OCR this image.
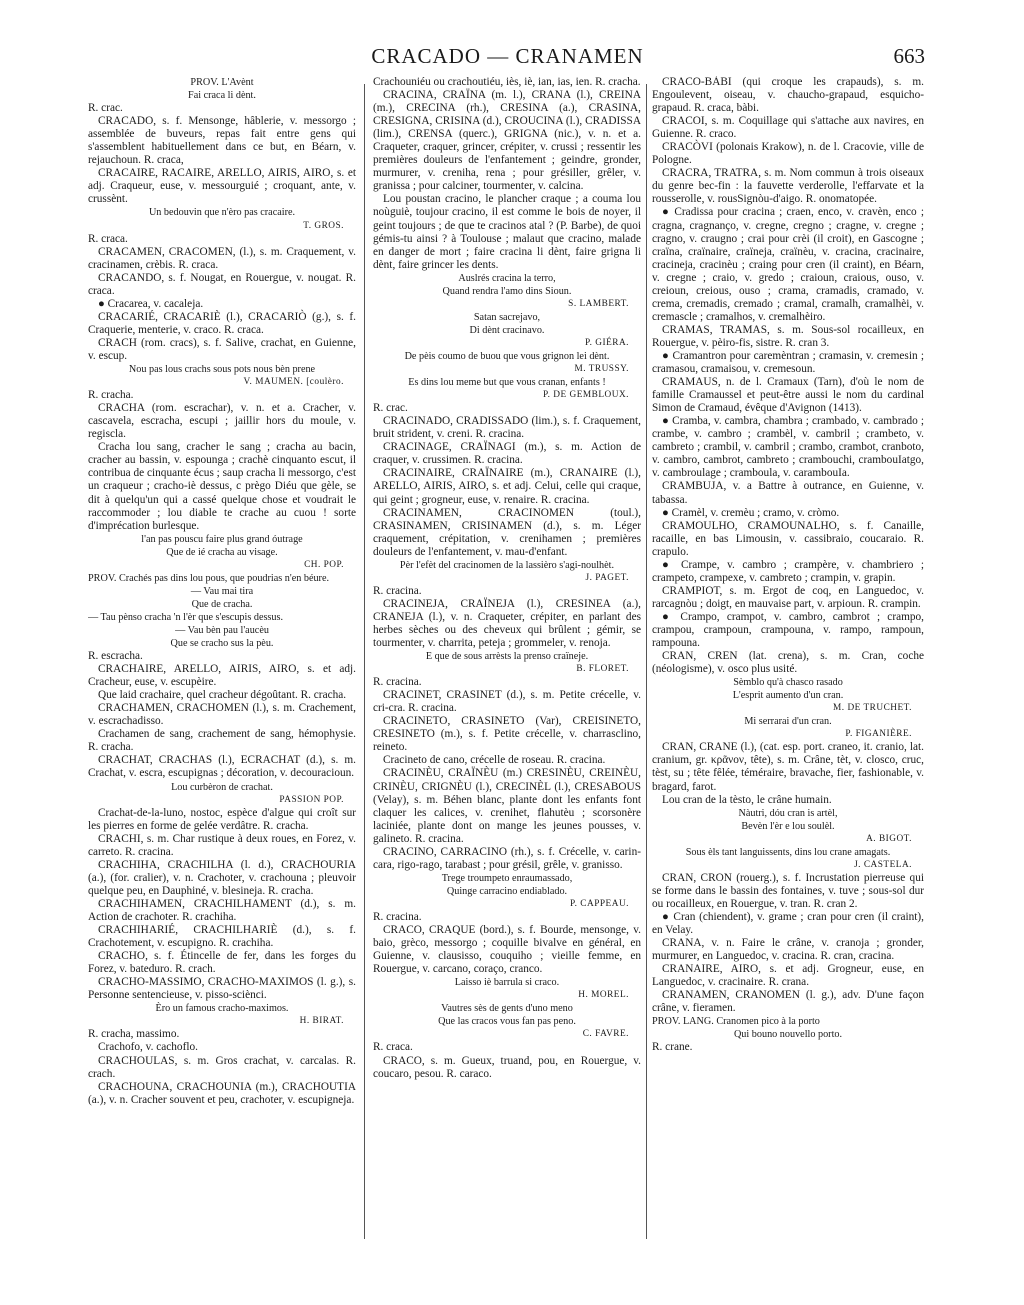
CRACADO — CRANAMEN	663

PROV. L'Avènt

Fai craca li dènt.

R. crac.

CRACADO, s. f. Mensonge, hâblerie, v. messorgo ; assemblée de buveurs, repas fait entre gens qui s'assemblent habituellement dans ce but, en Béarn, v. rejauchoun. R. craca,

CRACAIRE, RACAIRE, ARELLO, AIRIS, AIRO, s. et adj. Craqueur, euse, v. messourguié ; croquant, ante, v. crussènt.

Un bedouvin que n'èro pas cracaire.

T. GROS.

R. craca.

CRACAMEN, CRACOMEN, (l.), s. m. Craquement, v. cracinamen, crèbis. R. craca.

CRACANDO, s. f. Nougat, en Rouergue, v. nougat. R. craca.

● Cracarea, v. cacaleja.

CRACARIÉ, CRACARIÈ (l.), CRACARIÒ (g.), s. f. Craquerie, menterie, v. craco. R. craca.

CRACH (rom. cracs), s. f. Salive, crachat, en Guienne, v. escup.

Nou pas lous crachs sous pots nous bèn prene

V. MAUMEN. [coulèro.

R. cracha.

CRACHA (rom. escrachar), v. n. et a. Cracher, v. cascavela, escracha, escupi ; jaillir hors du moule, v. regiscla.

Cracha lou sang, cracher le sang ; cracha au bacin, cracher au bassin, v. espounga ; crachè cinquanto escut, il contribua de cinquante écus ; saup cracha li messorgo, c'est un craqueur ; cracho-iè dessus, c prègo Diéu que gèle, se dit à quelqu'un qui a cassé quelque chose et voudrait le raccommoder ; lou diable te crache au cuou ! sorte d'imprécation burlesque.

l'an pas pouscu faire plus grand óutrage

Que de ié cracha au visage.

CH. POP.

PROV. Crachés pas dins lou pous, que poudrias n'en béure.

— Vau mai tira

Que de cracha.

— Tau pènso cracha 'n l'èr que s'escupis dessus.

— Vau bèn pau l'aucèu

Que se cracho sus la pèu.

R. escracha.

CRACHAIRE, ARELLO, AIRIS, AIRO, s. et adj. Cracheur, euse, v. escupèire.

Que laid crachaire, quel cracheur dégoûtant. R. cracha.

CRACHAMEN, CRACHOMEN (l.), s. m. Crachement, v. escrachadisso.

Crachamen de sang, crachement de sang, hémophysie. R. cracha.

CRACHAT, CRACHAS (l.), ECRACHAT (d.), s. m. Crachat, v. escra, escupignas ; décoration, v. decouracioun.

Lou curbèron de crachat.

PASSION POP.

Crachat-de-la-luno, nostoc, espèce d'algue qui croît sur les pierres en forme de gelée verdâtre. R. cracha.

CRACHI, s. m. Char rustique à deux roues, en Forez, v. carreto. R. cracina.

CRACHIHA, CRACHILHA (l. d.), CRACHOURIA (a.), (for. cralier), v. n. Crachoter, v. crachouna ; pleuvoir quelque peu, en Dauphiné, v. blesineja. R. cracha.

CRACHIHAMEN, CRACHILHAMENT (d.), s. m. Action de crachoter. R. crachiha.

CRACHIHARIÉ, CRACHILHARIÈ (d.), s. f. Crachotement, v. escupigno. R. crachiha.

CRACHO, s. f. Étincelle de fer, dans les forges du Forez, v. bateduro. R. crach.

CRACHO-MASSIMO, CRACHO-MAXIMOS (l. g.), s. Personne sentencieuse, v. pisso-sciènci.

Èro un famous cracho-maximos.

H. BIRAT.

R. cracha, massimo.

Crachofo, v. cachoflo.

CRACHOULAS, s. m. Gros crachat, v. carcalas. R. crach.

CRACHOUNA, CRACHOUNIA (m.), CRACHOUTIA (a.), v. n. Cracher souvent et peu, crachoter, v. escupigneja.

Crachouniéu ou crachoutiéu, iès, iè, ian, ias, ien. R. cracha.

CRACINA, CRAÏNA (m. l.), CRANA (l.), CREINA (m.), CRECINA (rh.), CRESINA (a.), CRASINA, CRESIGNA, CRISINA (d.), CROUCINA (l.), CRADISSA (lim.), CRENSA (querc.), GRIGNA (nic.), v. n. et a. Craqueter, craquer, grincer, crépiter, v. crussi ; ressentir les premières douleurs de l'enfantement ; geindre, gronder, murmurer, v. creniha, rena ; pour grésiller, grêler, v. granissa ; pour calciner, tourmenter, v. calcina.

Lou poustan cracino, le plancher craque ; a couma lou noùguiè, toujour cracino, il est comme le bois de noyer, il geint toujours ; de que te cracinos atal ? (P. Barbe), de quoi gémis-tu ainsi ? à Toulouse ; malaut que cracino, malade en danger de mort ; faire cracina li dènt, faire grigna li dènt, faire grincer les dents.

Auslrés cracina la terro,

Quand rendra l'amo dins Sioun.

S. LAMBERT.

Satan sacrejavo,

Di dènt cracinavo.

P. GIÉRA.

De pèis coumo de buou que vous grignon lei dènt.

M. TRUSSY.

Es dins lou meme but que vous cranan, enfants !

P. DE GEMBLOUX.

R. crac.

CRACINADO, CRADISSADO (lim.), s. f. Craquement, bruit strident, v. creni. R. cracina.

CRACINAGE, CRAÏNAGI (m.), s. m. Action de craquer, v. crussimen. R. cracina.

CRACINAIRE, CRAÏNAIRE (m.), CRANAIRE (l.), ARELLO, AIRIS, AIRO, s. et adj. Celui, celle qui craque, qui geint ; grogneur, euse, v. renaire. R. cracina.

CRACINAMEN, CRACINOMEN (toul.), CRASINAMEN, CRISINAMEN (d.), s. m. Léger craquement, crépitation, v. crenihamen ; premières douleurs de l'enfantement, v. mau-d'enfant.

Pèr l'efèt del cracinomen de la lassièro s'agi-noulhèt.

J. PAGET.

R. cracina.

CRACINEJA, CRAÏNEJA (l.), CRESINEA (a.), CRANEJA (l.), v. n. Craqueter, crépiter, en parlant des herbes sèches ou des cheveux qui brûlent ; gémir, se tourmenter, v. charrita, peteja ; grommeler, v. renoja.

E que de sous arrèsts la prenso craïneje.

B. FLORET.

R. cracina.

CRACINET, CRASINET (d.), s. m. Petite crécelle, v. cri-cra. R. cracina.

CRACINETO, CRASINETO (Var), CREISINETO, CRESINETO (m.), s. f. Petite crécelle, v. charrasclino, reineto.

Cracineto de cano, crécelle de roseau. R. cracina.

CRACINÈU, CRAÏNÈU (m.) CRESINÈU, CREINÈU, CRINÈU, CRIGNÈU (l.), CRECINÈL (l.), CRESABOUS (Velay), s. m. Béhen blanc, plante dont les enfants font claquer les calices, v. crenihet, flahutèu ; scorsonère laciniée, plante dont on mange les jeunes pousses, v. galineto. R. cracina.

CRACINO, CARRACINO (rh.), s. f. Crécelle, v. carin-cara, rigo-rago, tarabast ; pour grésil, grêle, v. granisso.

Trege troumpeto enraumassado,

Quinge carracino endiablado.

P. CAPPEAU.

R. cracina.

CRACO, CRAQUE (bord.), s. f. Bourde, mensonge, v. baio, grèco, messorgo ; coquille bivalve en général, en Guienne, v. clausisso, couquiho ; vieille femme, en Rouergue, v. carcano, coraço, cranco.

Laisso iè barrula si craco.

H. MOREL.

Vautres sès de gents d'uno meno

Que las cracos vous fan pas peno.

C. FAVRE.

R. craca.

CRACO, s. m. Gueux, truand, pou, en Rouergue, v. coucaro, pesou. R. caraco.

CRACO-BÀBI (qui croque les crapauds), s. m. Engoulevent, oiseau, v. chaucho-grapaud, esquicho-grapaud. R. craca, bàbi.

CRACOI, s. m. Coquillage qui s'attache aux navires, en Guienne. R. craco.

CRACÒVI (polonais Krakow), n. de l. Cracovie, ville de Pologne.

CRACRA, TRATRA, s. m. Nom commun à trois oiseaux du genre bec-fin : la fauvette verderolle, l'effarvate et la rousserolle, v. rousSignòu-d'aigo. R. onomatopée.

● Cradissa pour cracina ; craen, enco, v. cravèn, enco ; cragna, cragnanço, v. cregne, cregno ; cragne, v. cregne ; cragno, v. craugno ; crai pour crèi (il croit), en Gascogne ; craïna, craïnaire, craïneja, craïnèu, v. cracina, cracinaire, cracineja, cracinèu ; craing pour cren (il craint), en Béarn, v. cregne ; craio, v. gredo ; craioun, craious, ouso, v. creioun, creious, ouso ; crama, cramadis, cramado, v. crema, cremadis, cremado ; cramal, cramalh, cramalhèi, v. cremascle ; cramalhos, v. cremalhèiro.

CRAMAS, TRAMAS, s. m. Sous-sol rocailleux, en Rouergue, v. pèiro-fis, sistre. R. cran 3.

● Cramantron pour caremèntran ; cramasin, v. cremesin ; cramasou, cramaisou, v. cremesoun.

CRAMAUS, n. de l. Cramaux (Tarn), d'où le nom de famille Cramaussel et peut-être aussi le nom du cardinal Simon de Cramaud, évêque d'Avignon (1413).

● Cramba, v. cambra, chambra ; crambado, v. cambrado ; crambe, v. cambro ; crambèl, v. cambril ; crambeto, v. cambreto ; crambil, v. cambril ; crambo, crambot, cranboto, v. cambro, cambrot, cambreto ; crambouchi, crambouIatgo, v. cambroulage ; cramboula, v. carambouIa.

CRAMBUJA, v. a Battre à outrance, en Guienne, v. tabassa.

● Cramèl, v. cremèu ; cramo, v. cròmo.

CRAMOULHO, CRAMOUNALHO, s. f. Canaille, racaille, en bas Limousin, v. cassibraio, coucaraio. R. crapulo.

● Crampe, v. cambro ; crampère, v. chambriero ; crampeto, crampexe, v. cambreto ; crampin, v. grapin.

CRAMPIOT, s. m. Ergot de coq, en Languedoc, v. rarcagnòu ; doigt, en mauvaise part, v. arpioun. R. crampin.

● Crampo, crampot, v. cambro, cambrot ; crampo, crampou, crampoun, crampouna, v. rampo, rampoun, rampouna.

CRAN, CREN (lat. crena), s. m. Cran, coche (néologisme), v. osco plus usité.

Sèmblo qu'à chasco rasado

L'esprit aumento d'un cran.

M. DE TRUCHET.

Mi serrarai d'un cran.

P. FIGANIÈRE.

CRAN, CRANE (l.), (cat. esp. port. craneo, it. cranio, lat. cranium, gr. κρᾶνον, tête), s. m. Crâne, tèt, v. closco, cruc, tèst, su ; tête fêlée, téméraire, bravache, fier, fashionable, v. bragard, farot.

Lou cran de la tèsto, le crâne humain.

Nàutri, dóu cran is artèl,

Bevèn l'èr e lou soulèl.

A. BIGOT.

Sous èls tant languissents, dins lou crane amagats.

J. CASTELA.

CRAN, CRON (rouerg.), s. f. Incrustation pierreuse qui se forme dans le bassin des fontaines, v. tuve ; sous-sol dur ou rocailleux, en Rouergue, v. tran. R. cran 2.

● Cran (chiendent), v. grame ; cran pour cren (il craint), en Velay.

CRANA, v. n. Faire le crâne, v. cranoja ; gronder, murmurer, en Languedoc, v. cracina. R. cran, cracina.

CRANAIRE, AIRO, s. et adj. Grogneur, euse, en Languedoc, v. cracinaire. R. crana.

CRANAMEN, CRANOMEN (l. g.), adv. D'une façon crâne, v. fieramen.

PROV. LANG. Cranomen pico à la porto

Qui bouno nouvello porto.

R. crane.
